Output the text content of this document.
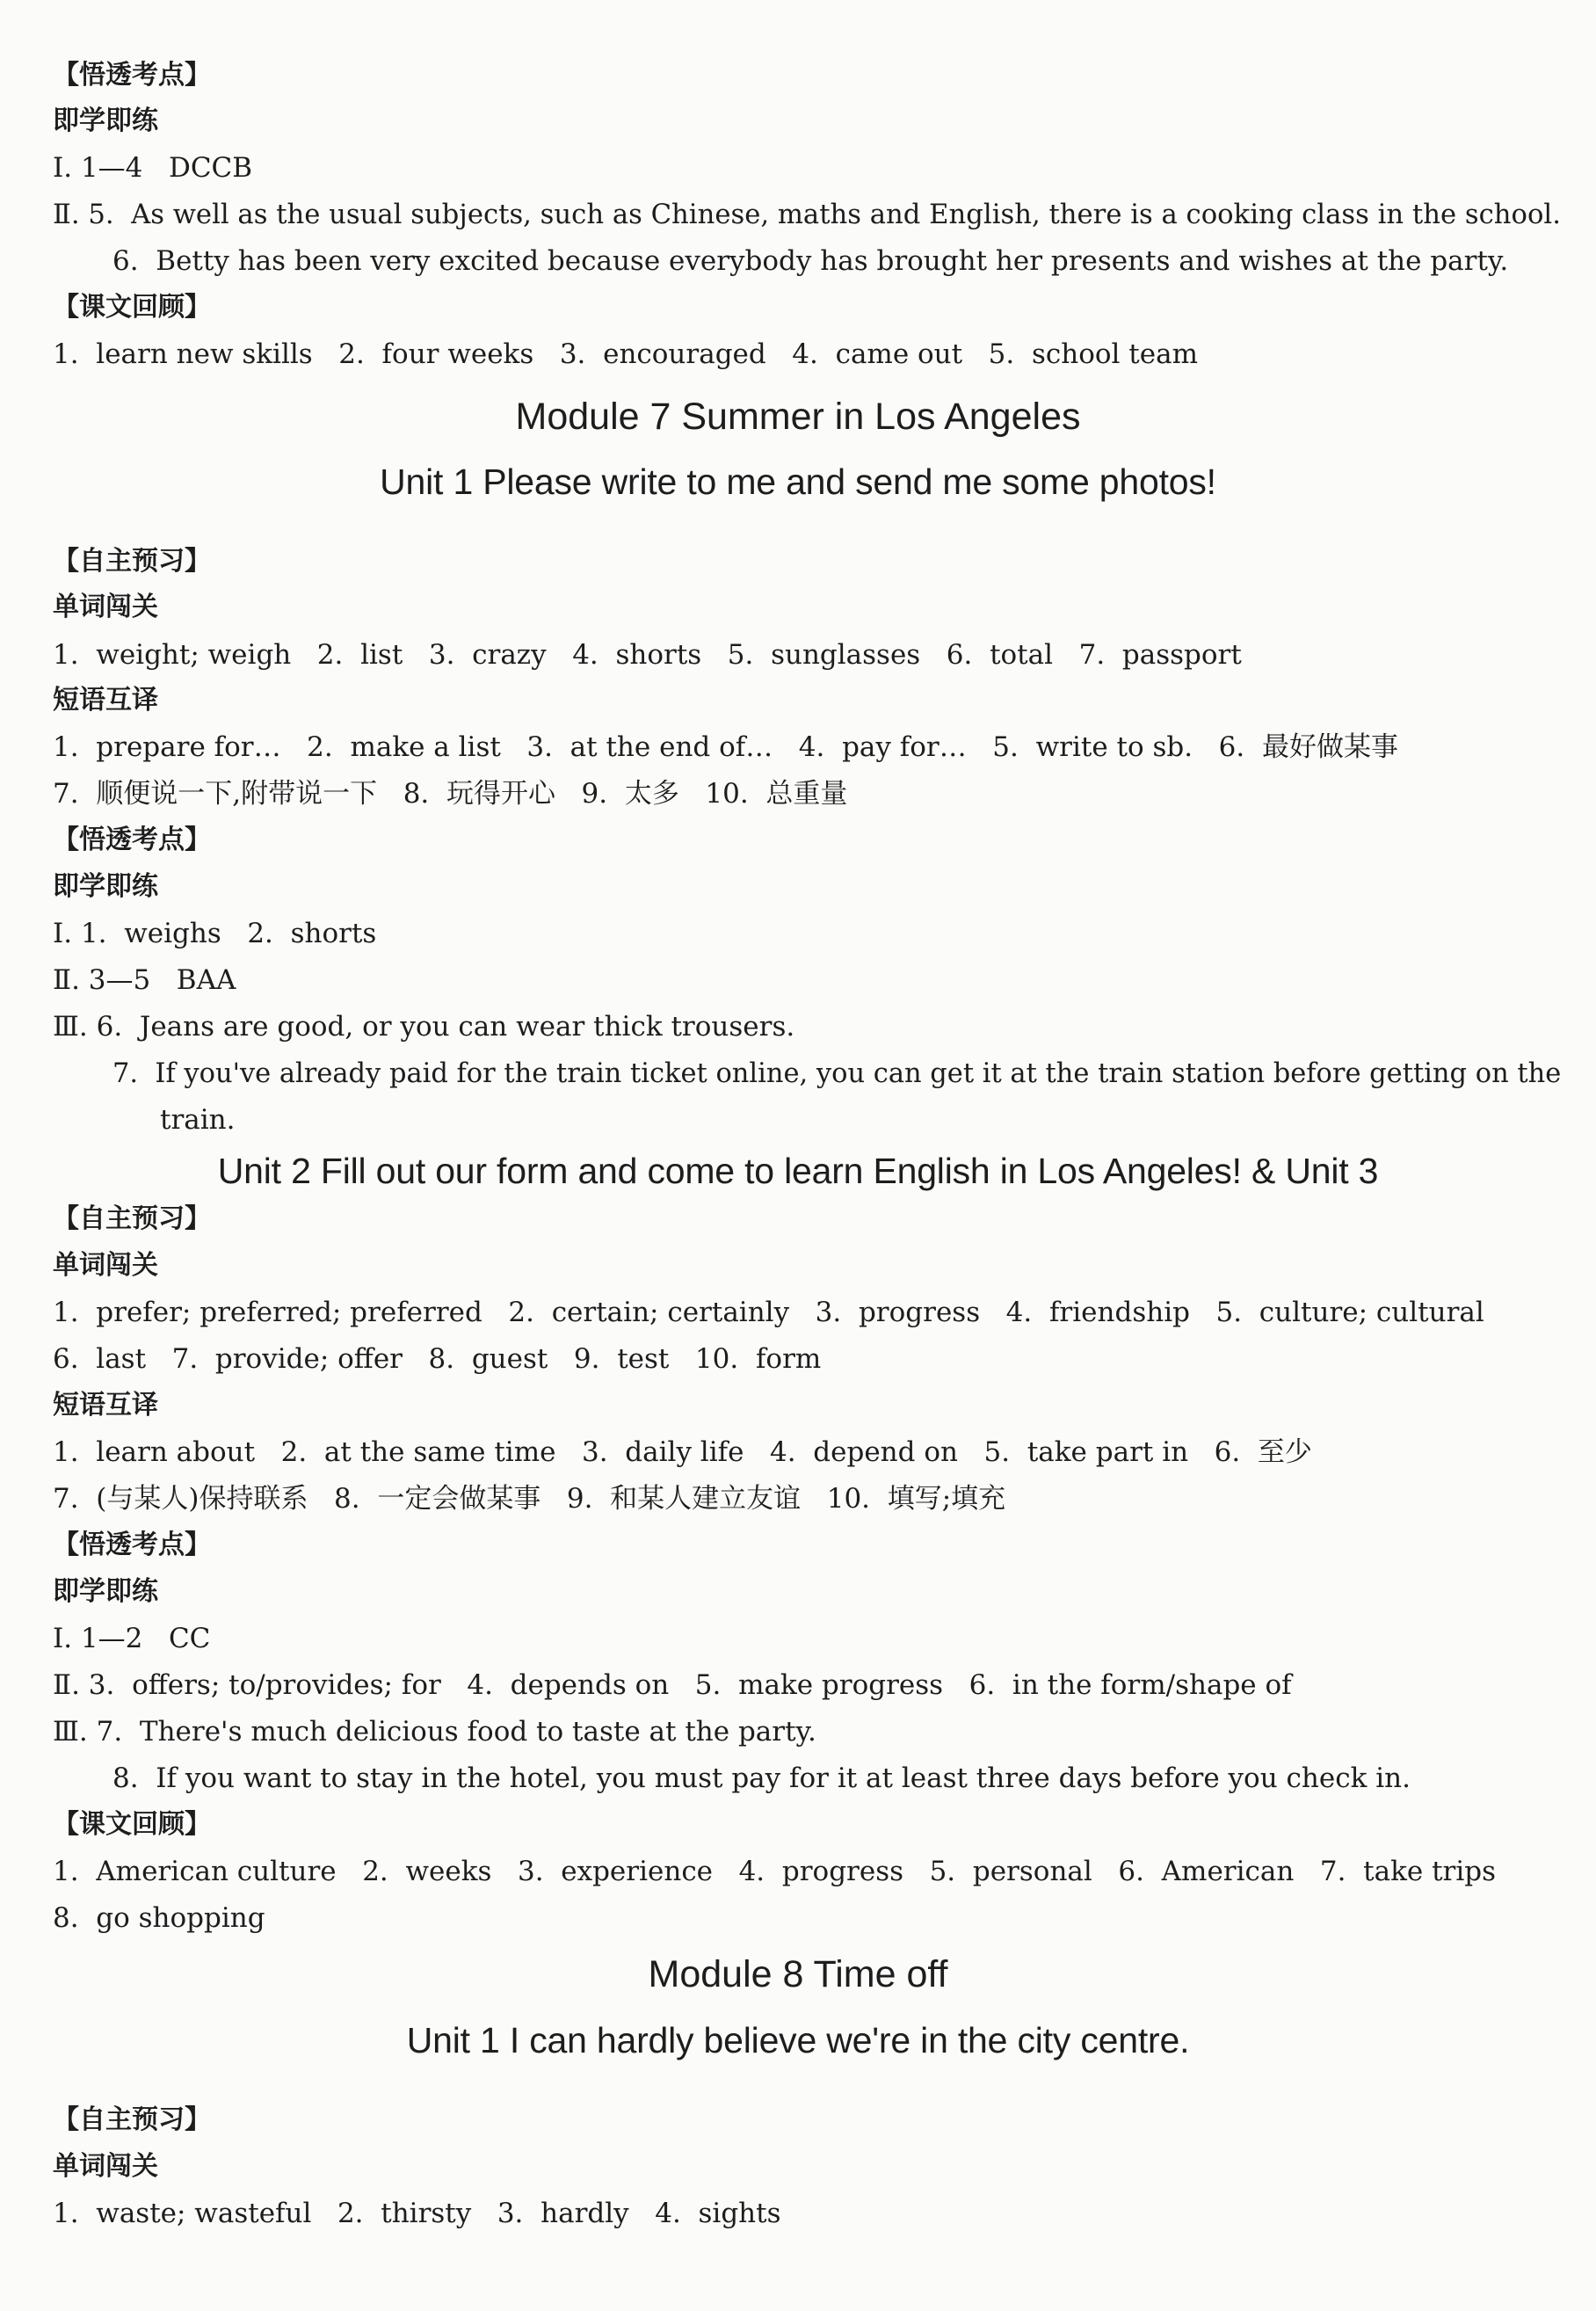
【悟透考点】
即学即练
Ⅰ. 1—4   DCCB
Ⅱ. 5.  As well as the usual subjects, such as Chinese, maths and English, there is a cooking class in the school.
6.  Betty has been very excited because everybody has brought her presents and wishes at the party.
【课文回顾】
1.  learn new skills   2.  four weeks   3.  encouraged   4.  came out   5.  school team
Module 7 Summer in Los Angeles
Unit 1 Please write to me and send me some photos!
【自主预习】
单词闯关
1.  weight; weigh   2.  list   3.  crazy   4.  shorts   5.  sunglasses   6.  total   7.  passport
短语互译
1.  prepare for…   2.  make a list   3.  at the end of…   4.  pay for…   5.  write to sb.   6.  最好做某事
7.  顺便说一下,附带说一下   8.  玩得开心   9.  太多   10.  总重量
【悟透考点】
即学即练
Ⅰ. 1.  weighs   2.  shorts
Ⅱ. 3—5   BAA
Ⅲ. 6.  Jeans are good, or you can wear thick trousers.
7.  If you've already paid for the train ticket online, you can get it at the train station before getting on the
train.
Unit 2 Fill out our form and come to learn English in Los Angeles! & Unit 3
【自主预习】
单词闯关
1.  prefer; preferred; preferred   2.  certain; certainly   3.  progress   4.  friendship   5.  culture; cultural
6.  last   7.  provide; offer   8.  guest   9.  test   10.  form
短语互译
1.  learn about   2.  at the same time   3.  daily life   4.  depend on   5.  take part in   6.  至少
7.  (与某人)保持联系   8.  一定会做某事   9.  和某人建立友谊   10.  填写;填充
【悟透考点】
即学即练
Ⅰ. 1—2   CC
Ⅱ. 3.  offers; to/provides; for   4.  depends on   5.  make progress   6.  in the form/shape of
Ⅲ. 7.  There's much delicious food to taste at the party.
8.  If you want to stay in the hotel, you must pay for it at least three days before you check in.
【课文回顾】
1.  American culture   2.  weeks   3.  experience   4.  progress   5.  personal   6.  American   7.  take trips
8.  go shopping
Module 8 Time off
Unit 1 I can hardly believe we're in the city centre.
【自主预习】
单词闯关
1.  waste; wasteful   2.  thirsty   3.  hardly   4.  sights
